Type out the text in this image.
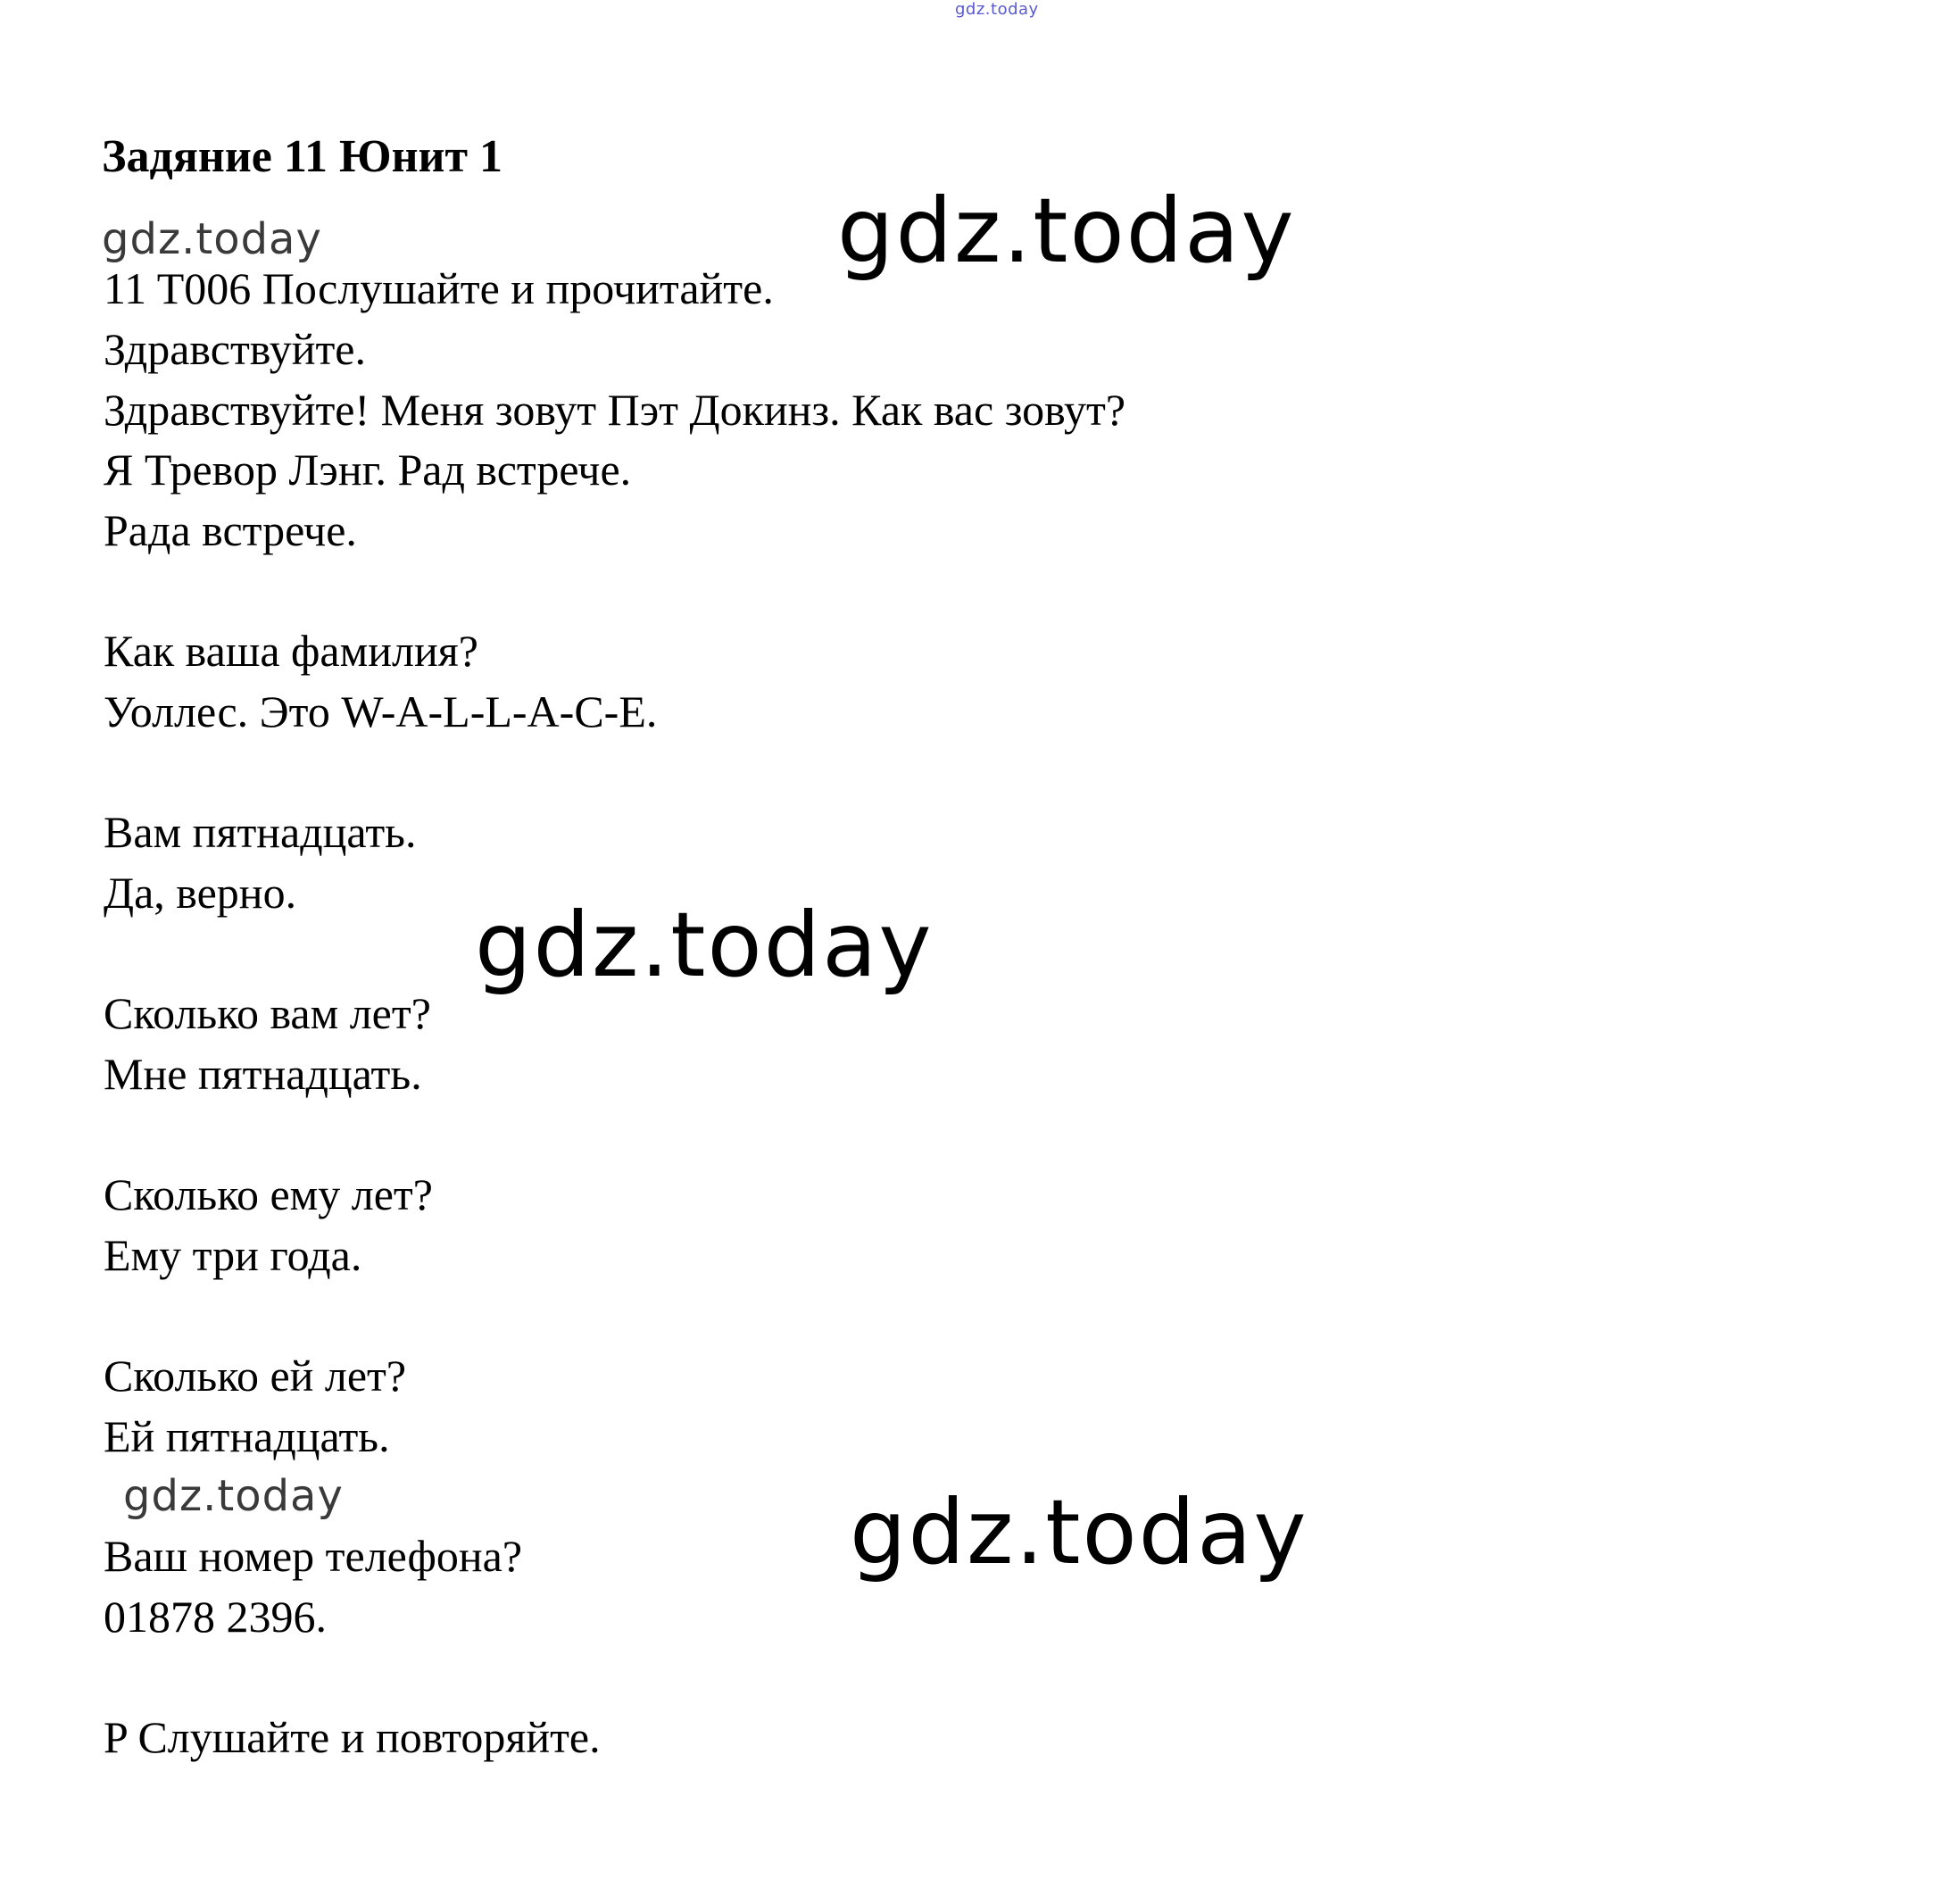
gdz.today
Задяние 11 Юнит 1
gdz.today	gdz.today
11 T006 Послушайте и прочитайте.
Здравствуйте.
Здравствуйте! Меня зовут Пэт Докинз. Как вас зовут?
Я Тревор Лэнг. Рад встрече.
Рада встрече.
Как ваша фамилия?
Уоллес. Это W-A-L-L-A-C-E.
Вам пятнадцать.
Да, верно. gdz.today
Сколько вам лет?
Мне пятнадцать.
Сколько ему лет?
Ему три года.
Сколько ей лет?
Ей пятнадцать.
gdz.today	gdz.today
Ваш номер телефона?
01878 2396.
P Слушайте и повторяйте.
